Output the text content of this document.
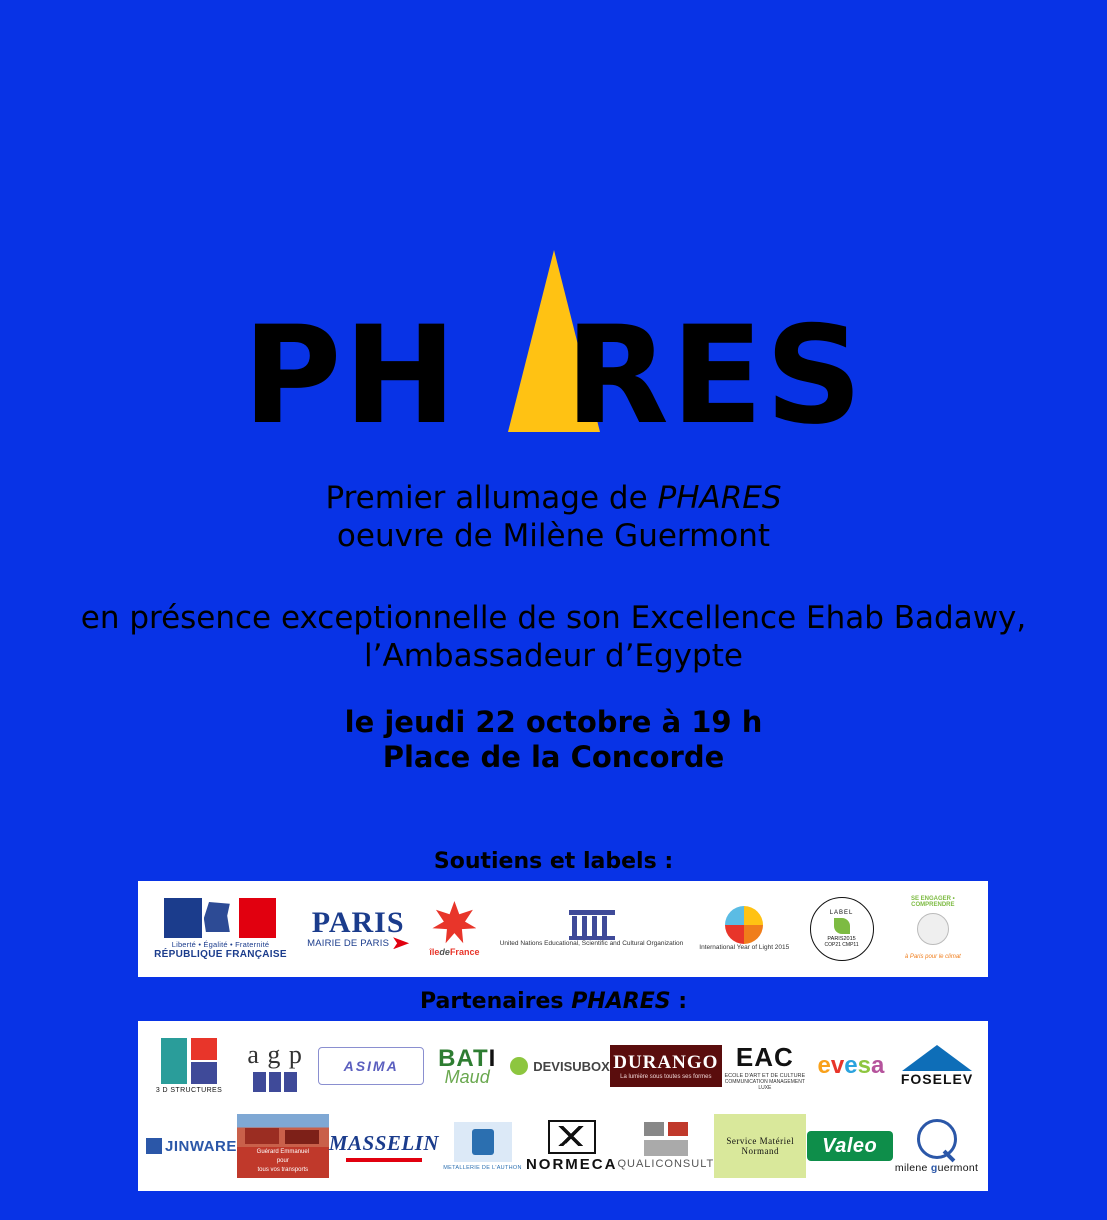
PH RES
Premier allumage de PHARES
oeuvre de Milène Guermont
en présence exceptionnelle de son Excellence Ehab Badawy,
l’Ambassadeur d’Egypte
le jeudi 22 octobre à 19 h
Place de la Concorde
Soutiens et labels :
Liberté • Égalité • Fraternité
RÉPUBLIQUE FRANÇAISE
PARIS
MAIRIE DE PARIS
îledeFrance
United Nations Educational, Scientific and Cultural Organization
International Year of Light 2015
LABEL
PARIS2015
COP21 CMP11
SE ENGAGER • COMPRENDRE
à Paris pour le climat
Partenaires PHARES :
3 D STRUCTURES
a g p	ASIMA BATI
Maud
DEVISUBOX DURANGO
La lumière sous toutes ses formes
EAC
ECOLE D'ART ET DE CULTURE
COMMUNICATION MANAGEMENT LUXE
evesa FOSELEV
JINWARE	Guérard Emmanuel
pour
tous vos transports
MASSELIN
METALLERIE DE L'AUTHON NORMECA QUALICONSULT
Service Matériel Normand	Valeo
milene guermont
